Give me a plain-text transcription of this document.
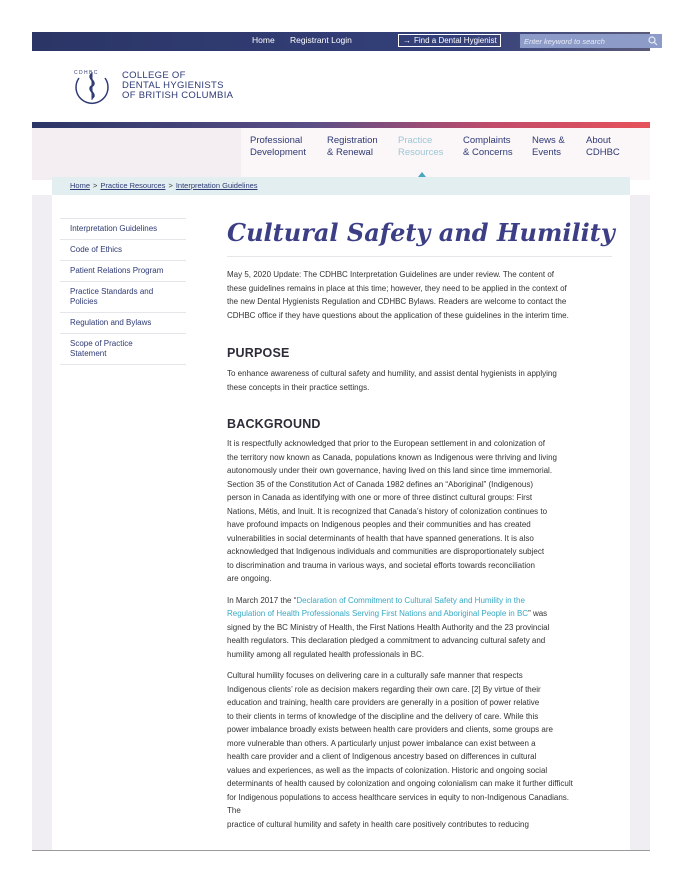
Home Registrant Login	→ Find a Dental Hygienist
Enter keyword to search
C D H B C	COLLEGE OF
DENTAL HYGIENISTS
OF BRITISH COLUMBIA
Professional
Development
Registration
& Renewal
Practice
Resources
Complaints
& Concerns
News &
Events
About
CDHBC
Home > Practice Resources > Interpretation Guidelines
Interpretation Guidelines
Code of Ethics
Patient Relations Program
Practice Standards and
Policies
Regulation and Bylaws
Scope of Practice
Statement
Cultural Safety and Humility
May 5, 2020 Update: The CDHBC Interpretation Guidelines are under review. The content of
these guidelines remains in place at this time; however, they need to be applied in the context of
the new Dental Hygienists Regulation and CDHBC Bylaws. Readers are welcome to contact the
CDHBC office if they have questions about the application of these guidelines in the interim time.
PURPOSE
To enhance awareness of cultural safety and humility, and assist dental hygienists in applying
these concepts in their practice settings.
BACKGROUND
It is respectfully acknowledged that prior to the European settlement in and colonization of
the territory now known as Canada, populations known as Indigenous were thriving and living
autonomously under their own governance, having lived on this land since time immemorial.
Section 35 of the Constitution Act of Canada 1982 defines an “Aboriginal” (Indigenous)
person in Canada as identifying with one or more of three distinct cultural groups: First
Nations, Métis, and Inuit. It is recognized that Canada’s history of colonization continues to
have profound impacts on Indigenous peoples and their communities and has created
vulnerabilities in social determinants of health that have spanned generations. It is also
acknowledged that Indigenous individuals and communities are disproportionately subject
to discrimination and trauma in various ways, and societal efforts towards reconciliation
are ongoing.
In March 2017 the “Declaration of Commitment to Cultural Safety and Humility in the
Regulation of Health Professionals Serving First Nations and Aboriginal People in BC” was
signed by the BC Ministry of Health, the First Nations Health Authority and the 23 provincial
health regulators. This declaration pledged a commitment to advancing cultural safety and
humility among all regulated health professionals in BC.
Cultural humility focuses on delivering care in a culturally safe manner that respects
Indigenous clients’ role as decision makers regarding their own care. [2] By virtue of their
education and training, health care providers are generally in a position of power relative
to their clients in terms of knowledge of the discipline and the delivery of care. While this
power imbalance broadly exists between health care providers and clients, some groups are
more vulnerable than others. A particularly unjust power imbalance can exist between a
health care provider and a client of Indigenous ancestry based on differences in cultural
values and experiences, as well as the impacts of colonization. Historic and ongoing social
determinants of health caused by colonization and ongoing colonialism can make it further difficult
for Indigenous populations to access healthcare services in equity to non-Indigenous Canadians.
The
practice of cultural humility and safety in health care positively contributes to reducing
